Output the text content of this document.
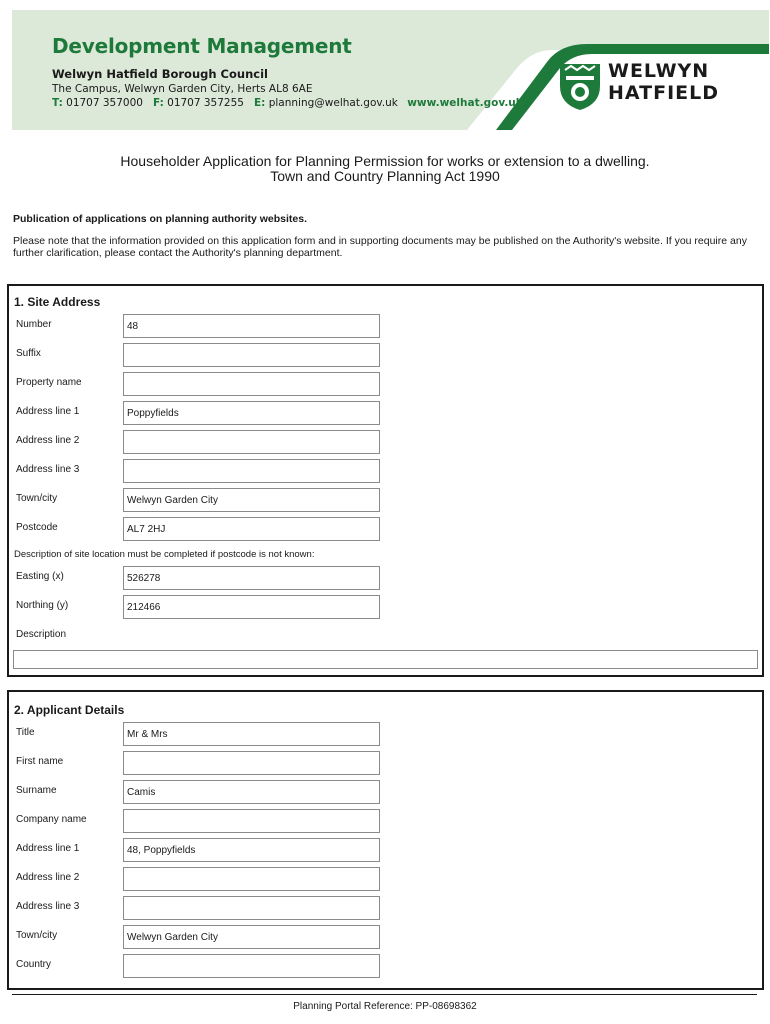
Development Management
Welwyn Hatfield Borough Council
The Campus, Welwyn Garden City, Herts AL8 6AE
T: 01707 357000 F: 01707 357255 E: planning@welhat.gov.uk www.welhat.gov.uk
WELWYN
HATFIELD
Householder Application for Planning Permission for works or extension to a dwelling.
Town and Country Planning Act 1990
Publication of applications on planning authority websites.
Please note that the information provided on this application form and in supporting documents may be published on the Authority's website. If you require any further clarification, please contact the Authority's planning department.
1. Site Address
Number	48
Suffix
Property name
Address line 1	Poppyfields
Address line 2
Address line 3
Town/city	Welwyn Garden City
Postcode	AL7 2HJ
Description of site location must be completed if postcode is not known:
Easting (x)	526278
Northing (y)	212466
Description
2. Applicant Details
Title	Mr & Mrs
First name
Surname	Camis
Company name
Address line 1	48, Poppyfields
Address line 2
Address line 3
Town/city	Welwyn Garden City
Country
Planning Portal Reference: PP-08698362
